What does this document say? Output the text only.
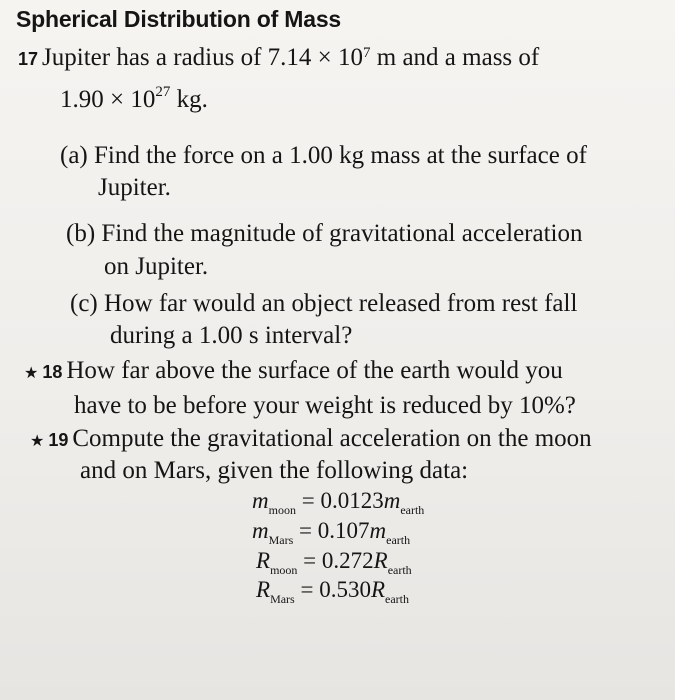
Spherical Distribution of Mass
17 Jupiter has a radius of $7.14 \times 10^7$ m and a mass of
$1.90 \times 10^{27}$ kg.
(a) Find the force on a 1.00 kg mass at the surface of
Jupiter.
(b) Find the magnitude of gravitational acceleration
on Jupiter.
(c) How far would an object released from rest fall
during a 1.00 s interval?
★ 18 How far above the surface of the earth would you
have to be before your weight is reduced by 10%?
★ 19 Compute the gravitational acceleration on the moon
and on Mars, given the following data:
$m_{moon} = 0.0123m_{earth}$
$m_{Mars} = 0.107m_{earth}$
$R_{moon} = 0.272R_{earth}$
$R_{Mars} = 0.530R_{earth}$
